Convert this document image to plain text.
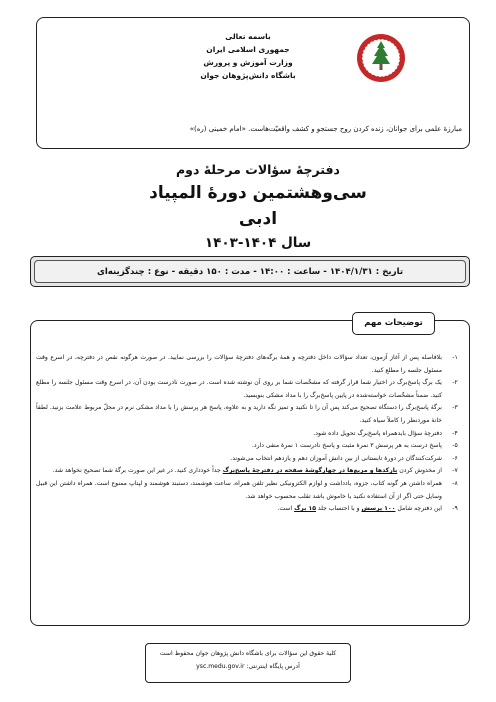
باسمه تعالی
جمهوری اسلامی ایران
وزارت آموزش و پرورش
باشگاه دانش‌پژوهان جوان
مبارزۀ علمی برای جوانان، زنده کردن روح جستجو و کشف واقعیّت‌هاست. «امام خمینی (ره)»
دفترچۀ سؤالات مرحلۀ دوم
سی‌وهشتمین دورۀ المپیاد ادبی
سال ۱۴۰۴-۱۴۰۳
تاریخ : ۱۴۰۴/۱/۳۱ - ساعت : ۱۴:۰۰ - مدت : ۱۵۰ دقیقه - نوع : چندگزینه‌ای
توضیحات مهم
-۱
بلافاصله پس از آغاز آزمون، تعداد سؤالات داخل دفترچه و همۀ برگه‌های دفترچۀ سؤالات را بررسی نمایید. در صورت هرگونه نقص در دفترچه، در اسرع وقت مسئول جلسه را مطلع کنید.
-۲
یک برگ پاسخ‌برگ در اختیار شما قرار گرفته که مشخّصات شما بر روی آن نوشته شده است. در صورت نادرست بودن آن، در اسرع وقت مسئول جلسه را مطلع کنید. ضمناً مشخّصات خواسته‌شده در پایین پاسخ‌برگ را با مداد مشکی بنویسید.
-۳
برگۀ پاسخ‌برگ را دستگاه تصحیح می‌کند پس آن را تا نکنید و تمیز نگه دارید و به علاوه، پاسخ هر پرسش را با مداد مشکی نرم در محلّ مربوط علامت بزنید. لطفاً خانۀ موردنظر را کاملاً سیاه کنید.
-۴
دفترچۀ سؤال بایدهمراه پاسخ‌برگ تحویل داده شود.
-۵
پاسخ درست به هر پرسش ۳ نمرۀ مثبت و پاسخ نادرست ۱ نمرۀ منفی دارد.
-۶
شرکت‌کنندگان در دورۀ تابستانی از بین دانش آموزان دهم و یازدهم انتخاب می‌شوند.
-۷
از مخدوش کردن بارکدها و مربع‌ها در چهارگوشۀ صفحه در دفترچۀ پاسخ‌برگ جداً خودداری کنید. در غیر این صورت برگۀ شما تصحیح نخواهد شد.
-۸
همراه داشتن هر گونه کتاب، جزوه، یادداشت و لوازم الکترونیکی نظیر تلفن همراه، ساعت هوشمند، دستبند هوشمند و لپتاپ ممنوع است. همراه داشتن این قبیل وسایل حتی اگر از آن استفاده نکنید یا خاموش باشد تقلب محسوب خواهد شد.
-۹
این دفترچه شامل ۱۰۰ پرسش و با احتساب جلد ۱۵ برگ است.
کلیۀ حقوق این سؤالات برای باشگاه دانش پژوهان جوان محفوظ است
آدرس پایگاه اینترنتی: ysc.medu.gov.ir
